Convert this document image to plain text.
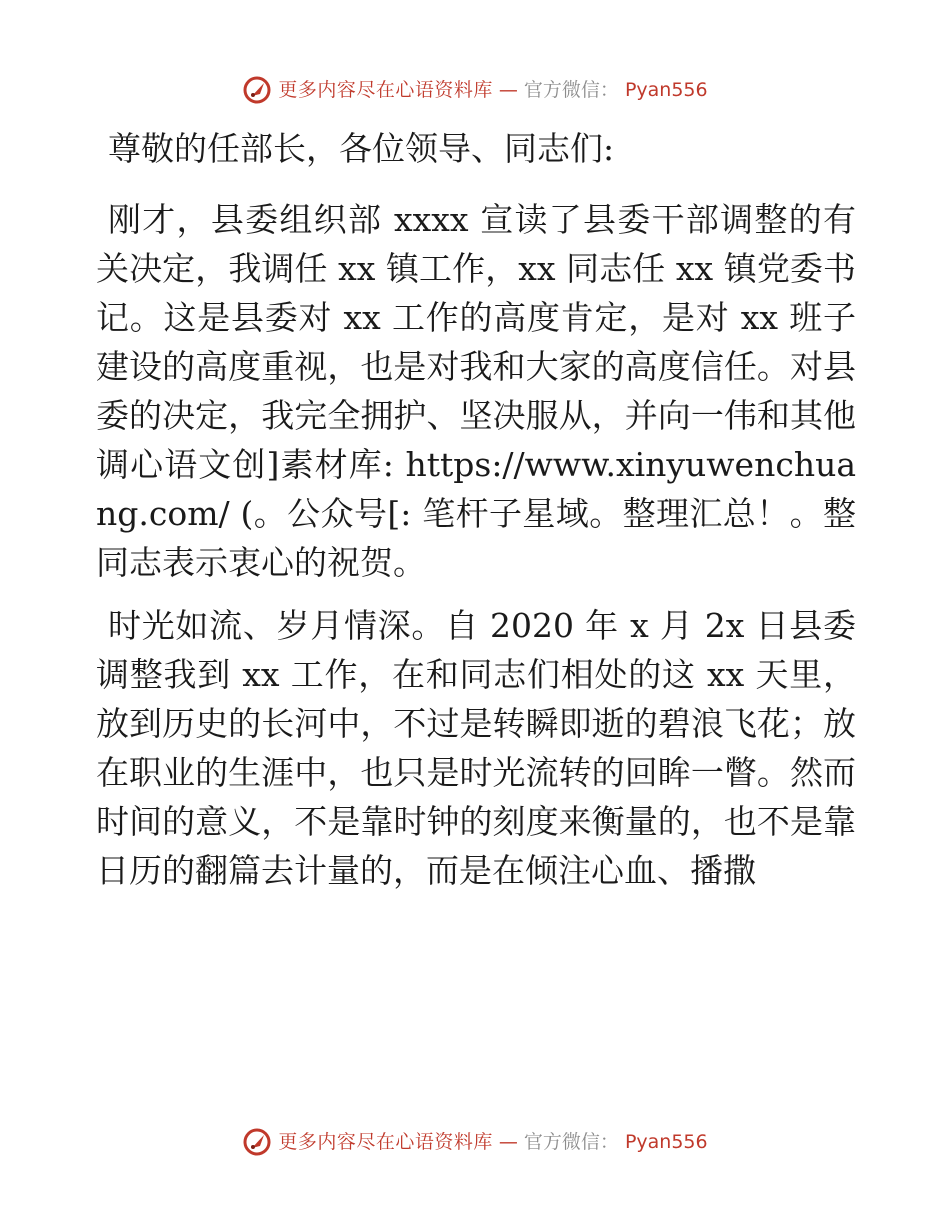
更多内容尽在心语资料库 — 官方微信： Pyan556

尊敬的任部长，各位领导、同志们:

刚才，县委组织部 xxxx 宣读了县委干部调整的有关决定，我调任 xx 镇工作，xx 同志任 xx 镇党委书记。这是县委对 xx 工作的高度肯定，是对 xx 班子建设的高度重视，也是对我和大家的高度信任。对县委的决定，我完全拥护、坚决服从，并向一伟和其他调心语文创]素材库: https://www.xinyuwenchuang.com/ (。公众号[: 笔杆子星域。整理汇总！。整同志表示衷心的祝贺。

时光如流、岁月情深。自 2020 年 x 月 2x 日县委调整我到 xx 工作，在和同志们相处的这 xx 天里，放到历史的长河中，不过是转瞬即逝的碧浪飞花；放在职业的生涯中，也只是时光流转的回眸一瞥。然而时间的意义，不是靠时钟的刻度来衡量的，也不是靠日历的翻篇去计量的，而是在倾注心血、播撒

更多内容尽在心语资料库 — 官方微信： Pyan556
